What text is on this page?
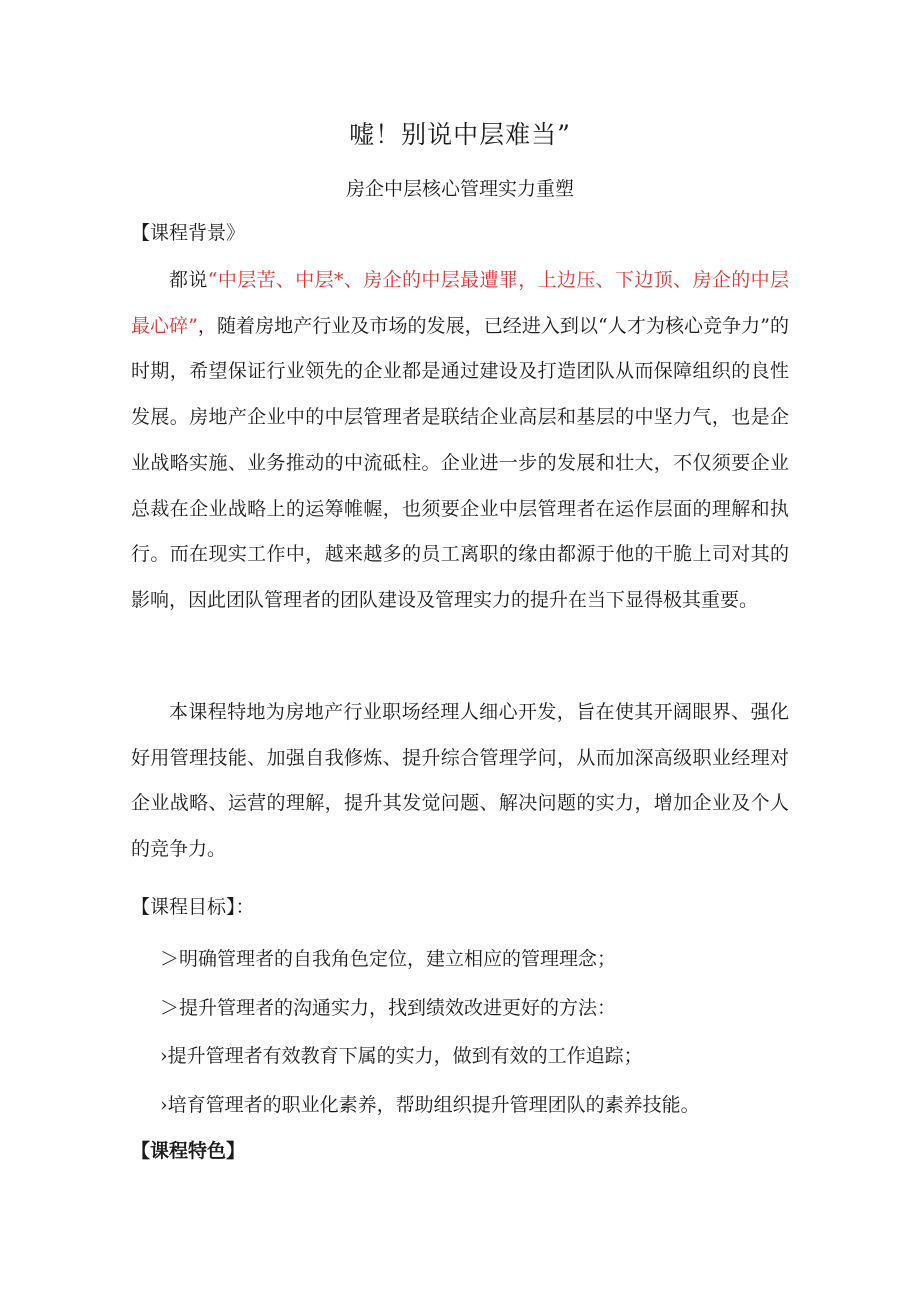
嘘！别说中层难当”
房企中层核心管理实力重塑
【课程背景》

都说“中层苦、中层*、房企的中层最遭罪，上边压、下边顶、房企的中层最心碎”，随着房地产行业及市场的发展，已经进入到以“人才为核心竞争力”的时期，希望保证行业领先的企业都是通过建设及打造团队从而保障组织的良性发展。房地产企业中的中层管理者是联结企业高层和基层的中坚力气，也是企业战略实施、业务推动的中流砥柱。企业进一步的发展和壮大，不仅须要企业总裁在企业战略上的运筹帷幄，也须要企业中层管理者在运作层面的理解和执行。而在现实工作中，越来越多的员工离职的缘由都源于他的干脆上司对其的影响，因此团队管理者的团队建设及管理实力的提升在当下显得极其重要。

本课程特地为房地产行业职场经理人细心开发，旨在使其开阔眼界、强化好用管理技能、加强自我修炼、提升综合管理学问，从而加深高级职业经理对企业战略、运营的理解，提升其发觉问题、解决问题的实力，增加企业及个人的竞争力。

【课程目标】：
＞明确管理者的自我角色定位，建立相应的管理理念；
＞提升管理者的沟通实力，找到绩效改进更好的方法：
›提升管理者有效教育下属的实力，做到有效的工作追踪；
›培育管理者的职业化素养，帮助组织提升管理团队的素养技能。
【课程特色】
